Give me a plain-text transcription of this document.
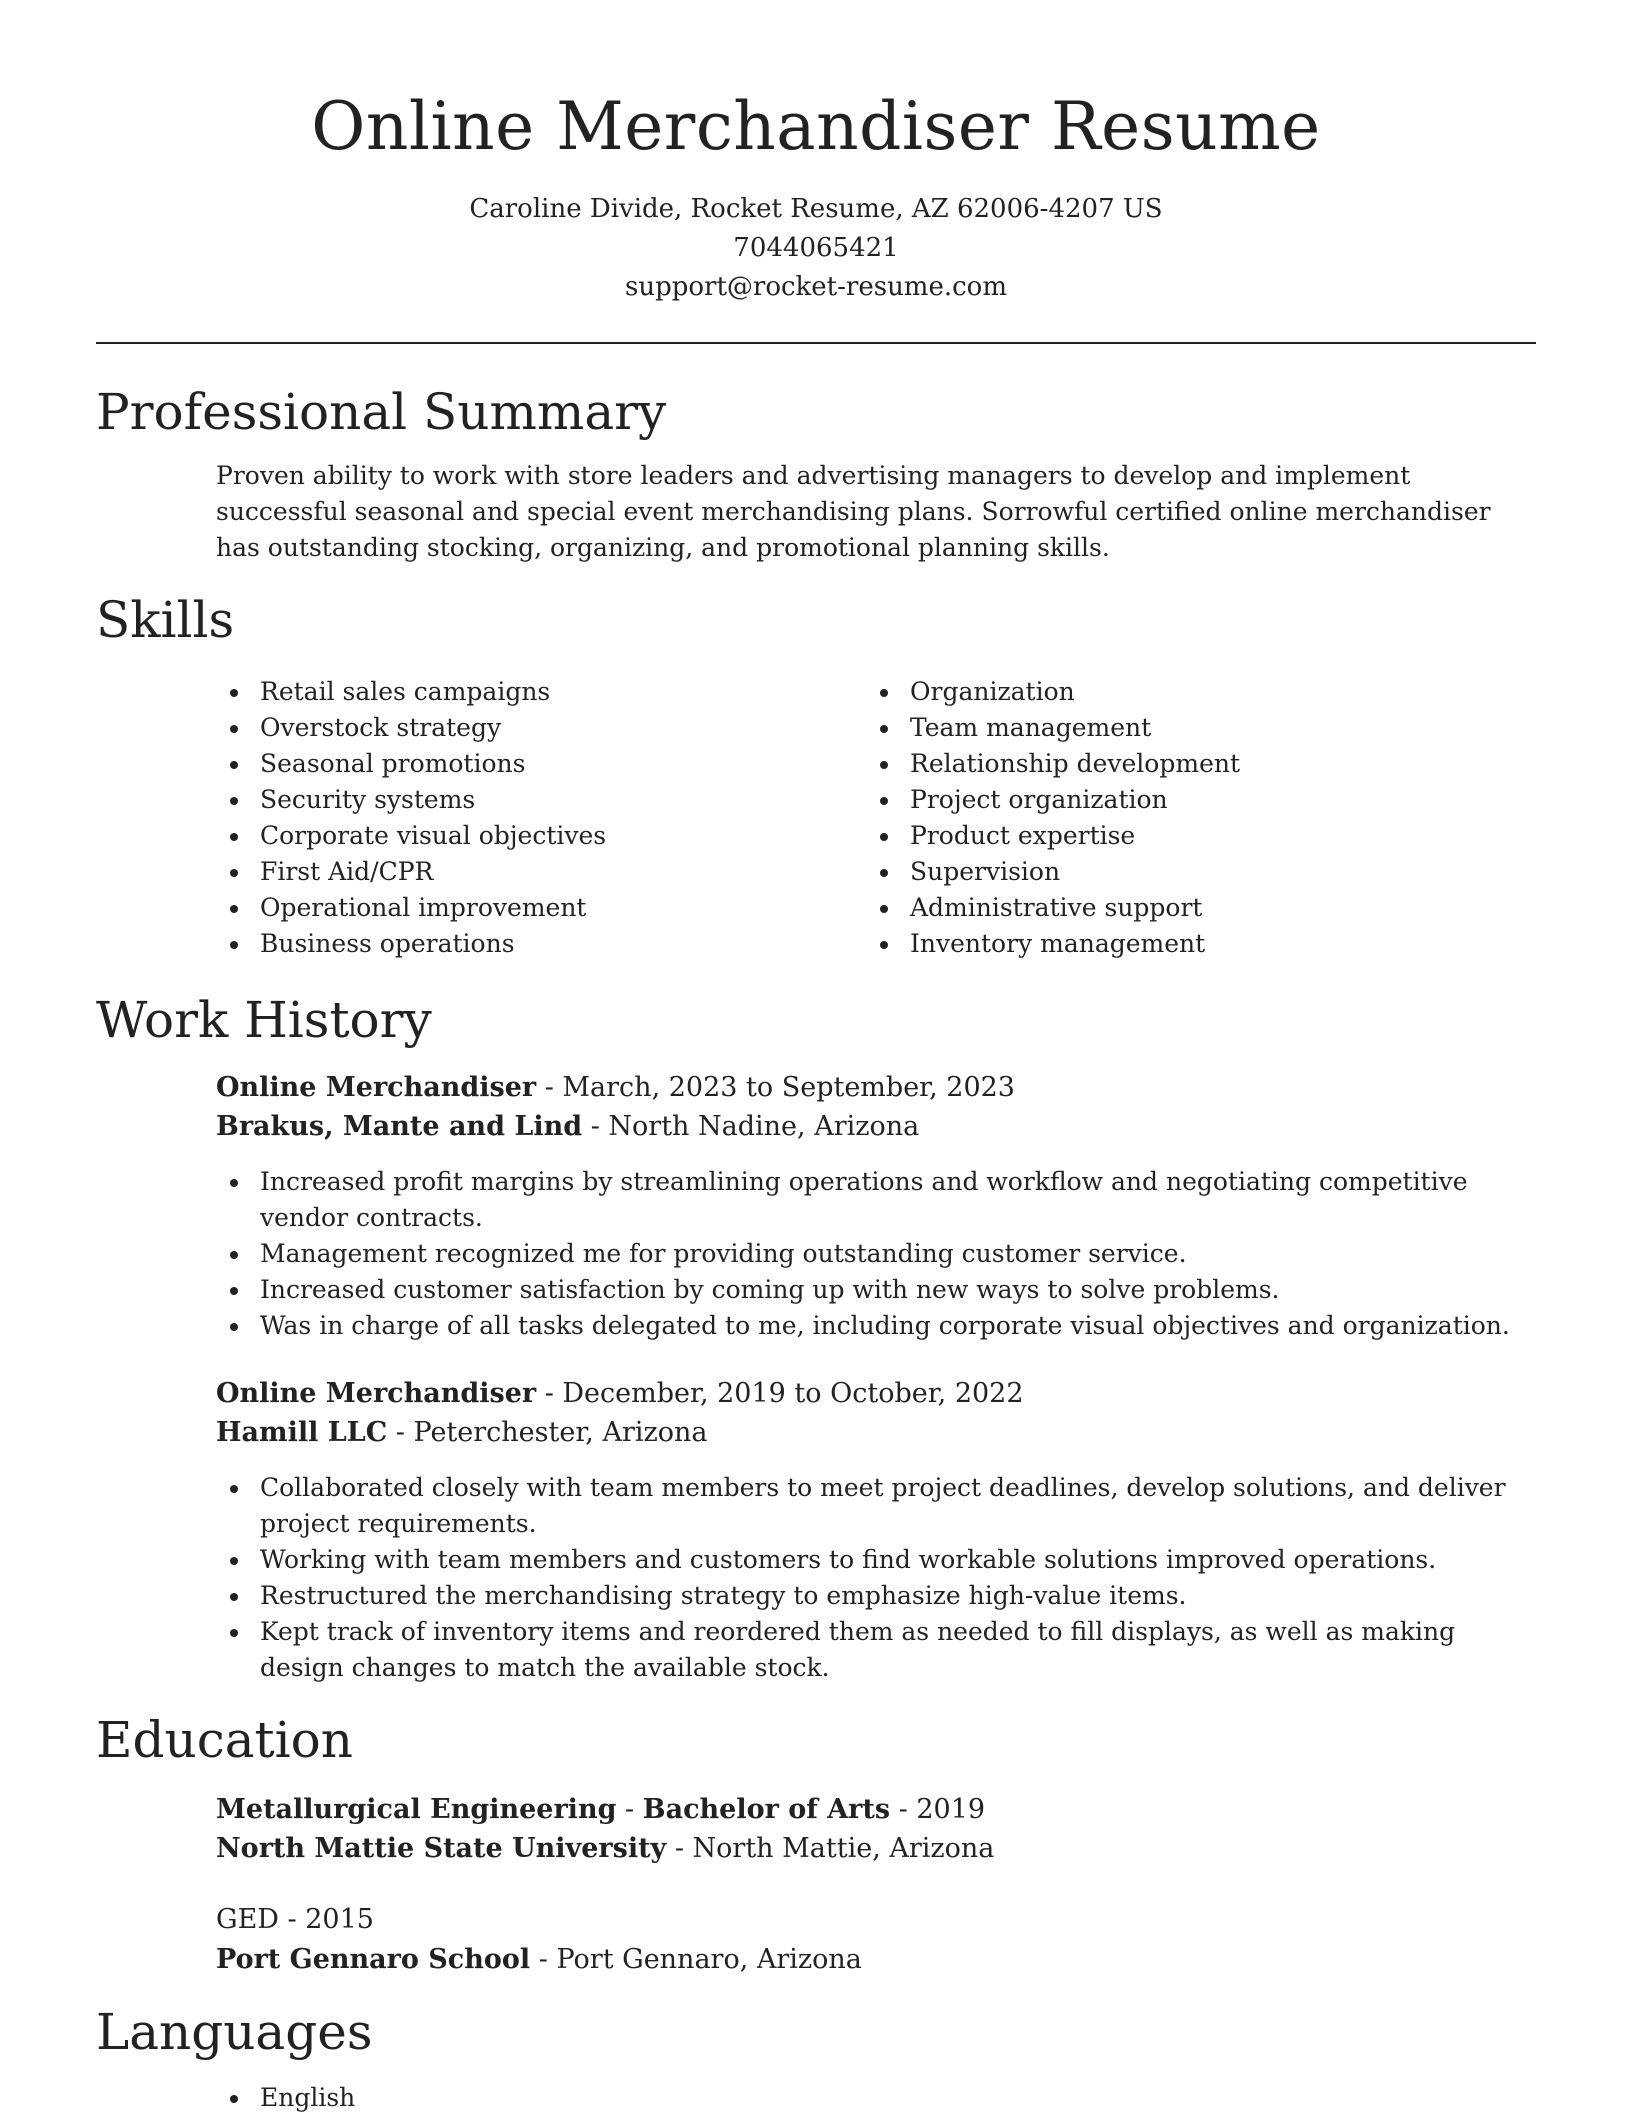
Online Merchandiser Resume
Caroline Divide, Rocket Resume, AZ 62006-4207 US
7044065421
support@rocket-resume.com
Professional Summary
Proven ability to work with store leaders and advertising managers to develop and implement successful seasonal and special event merchandising plans. Sorrowful certified online merchandiser has outstanding stocking, organizing, and promotional planning skills.
Skills
Retail sales campaigns
Overstock strategy
Seasonal promotions
Security systems
Corporate visual objectives
First Aid/CPR
Operational improvement
Business operations
Organization
Team management
Relationship development
Project organization
Product expertise
Supervision
Administrative support
Inventory management
Work History
Online Merchandiser - March, 2023 to September, 2023
Brakus, Mante and Lind - North Nadine, Arizona
Increased profit margins by streamlining operations and workflow and negotiating competitive vendor contracts.
Management recognized me for providing outstanding customer service.
Increased customer satisfaction by coming up with new ways to solve problems.
Was in charge of all tasks delegated to me, including corporate visual objectives and organization.
Online Merchandiser - December, 2019 to October, 2022
Hamill LLC - Peterchester, Arizona
Collaborated closely with team members to meet project deadlines, develop solutions, and deliver project requirements.
Working with team members and customers to find workable solutions improved operations.
Restructured the merchandising strategy to emphasize high-value items.
Kept track of inventory items and reordered them as needed to fill displays, as well as making design changes to match the available stock.
Education
Metallurgical Engineering - Bachelor of Arts - 2019
North Mattie State University - North Mattie, Arizona
GED - 2015
Port Gennaro School - Port Gennaro, Arizona
Languages
English
